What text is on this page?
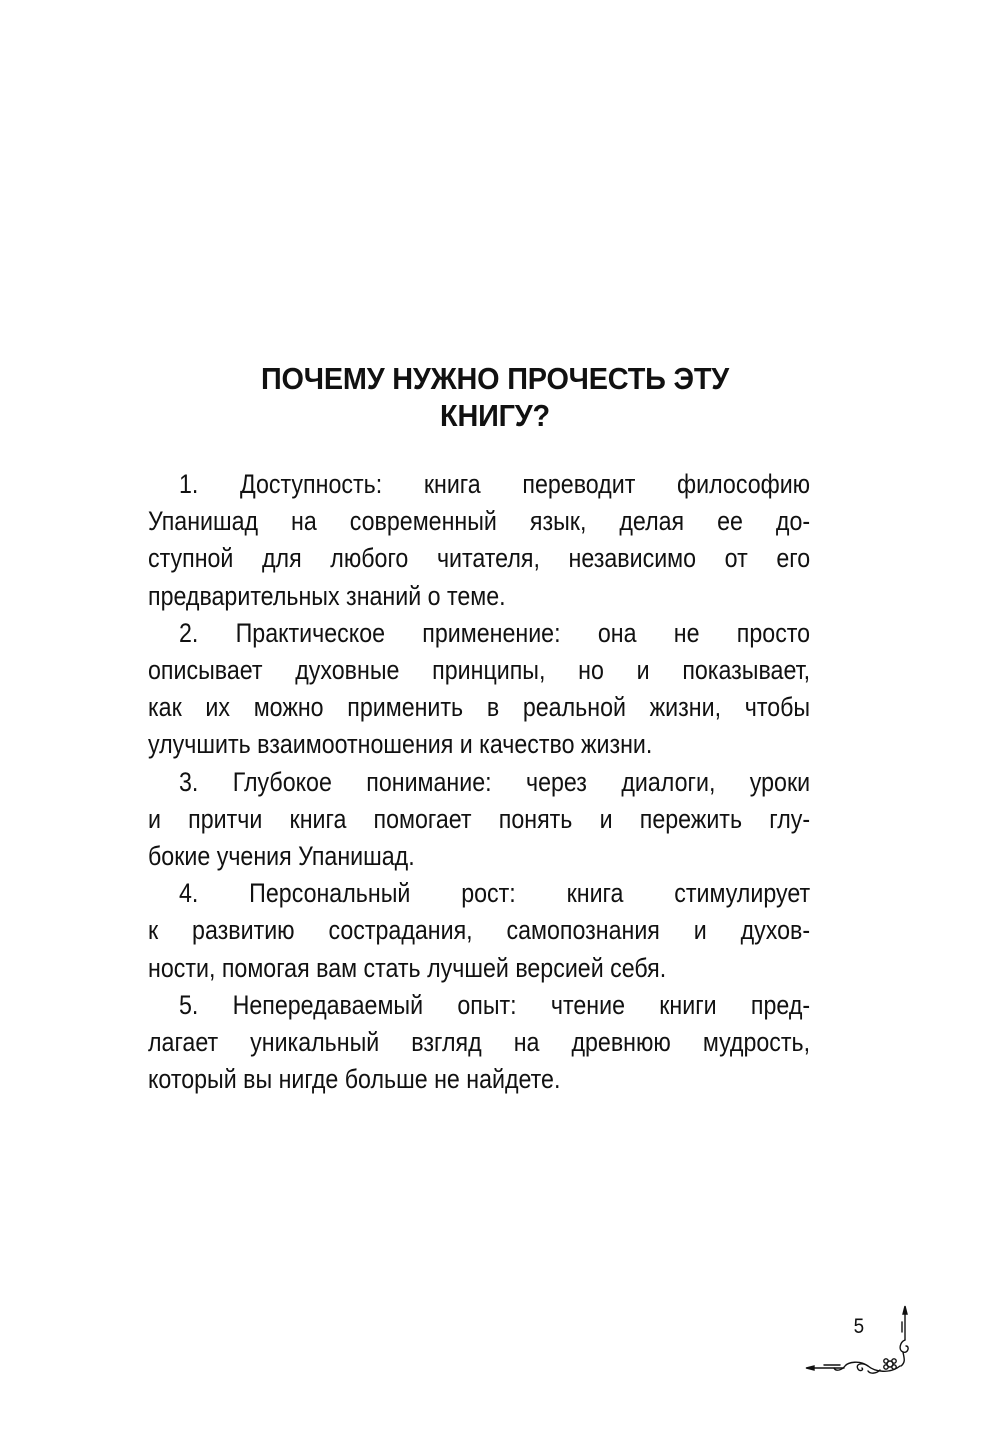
ПОЧЕМУ НУЖНО ПРОЧЕСТЬ ЭТУ
КНИГУ?

1. Доступность: книга переводит философию
Упанишад на современный язык, делая ее до-
ступной для любого читателя, независимо от его
предварительных знаний о теме.

2. Практическое применение: она не просто
описывает духовные принципы, но и показывает,
как их можно применить в реальной жизни, чтобы
улучшить взаимоотношения и качество жизни.

3. Глубокое понимание: через диалоги, уроки
и притчи книга помогает понять и пережить глу-
бокие учения Упанишад.

4. Персональный рост: книга стимулирует
к развитию сострадания, самопознания и духов-
ности, помогая вам стать лучшей версией себя.

5. Непередаваемый опыт: чтение книги пред-
лагает уникальный взгляд на древнюю мудрость,
который вы нигде больше не найдете.

5
